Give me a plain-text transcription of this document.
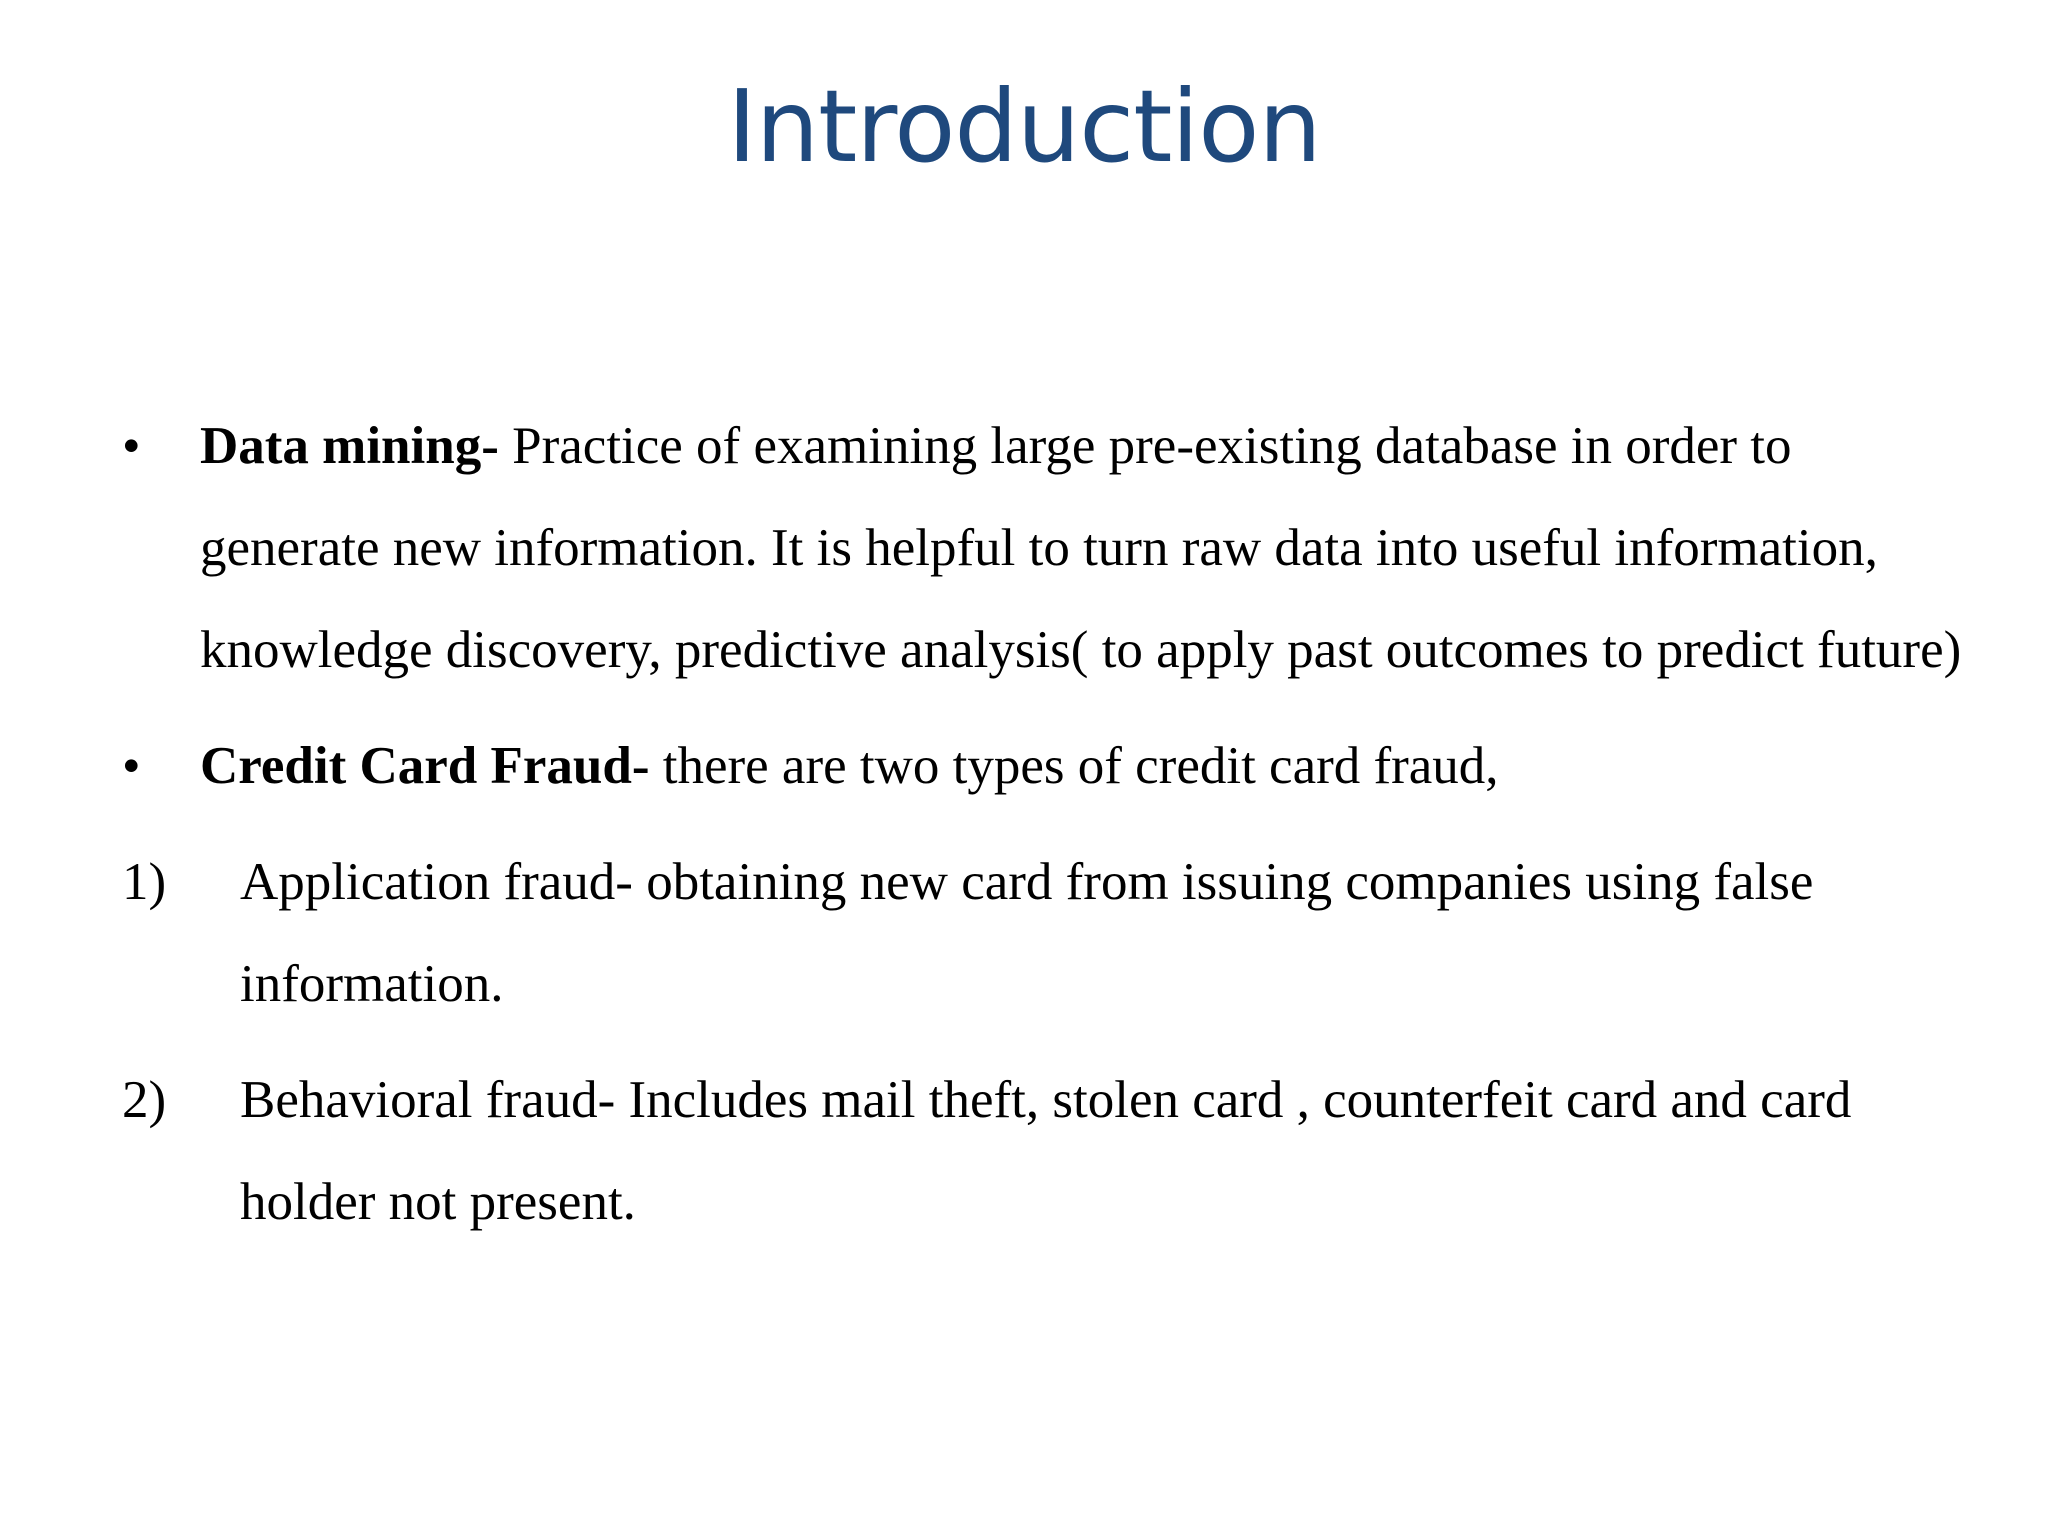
Introduction
•	Data mining- Practice of examining large pre-existing database in order to generate new information. It is helpful to turn raw data into useful information, knowledge discovery, predictive analysis( to apply past outcomes to predict future)
•	Credit Card Fraud- there are two types of credit card fraud,
1) Application fraud- obtaining new card from issuing companies using false information.
2) Behavioral fraud- Includes mail theft, stolen card , counterfeit card and card holder not present.
